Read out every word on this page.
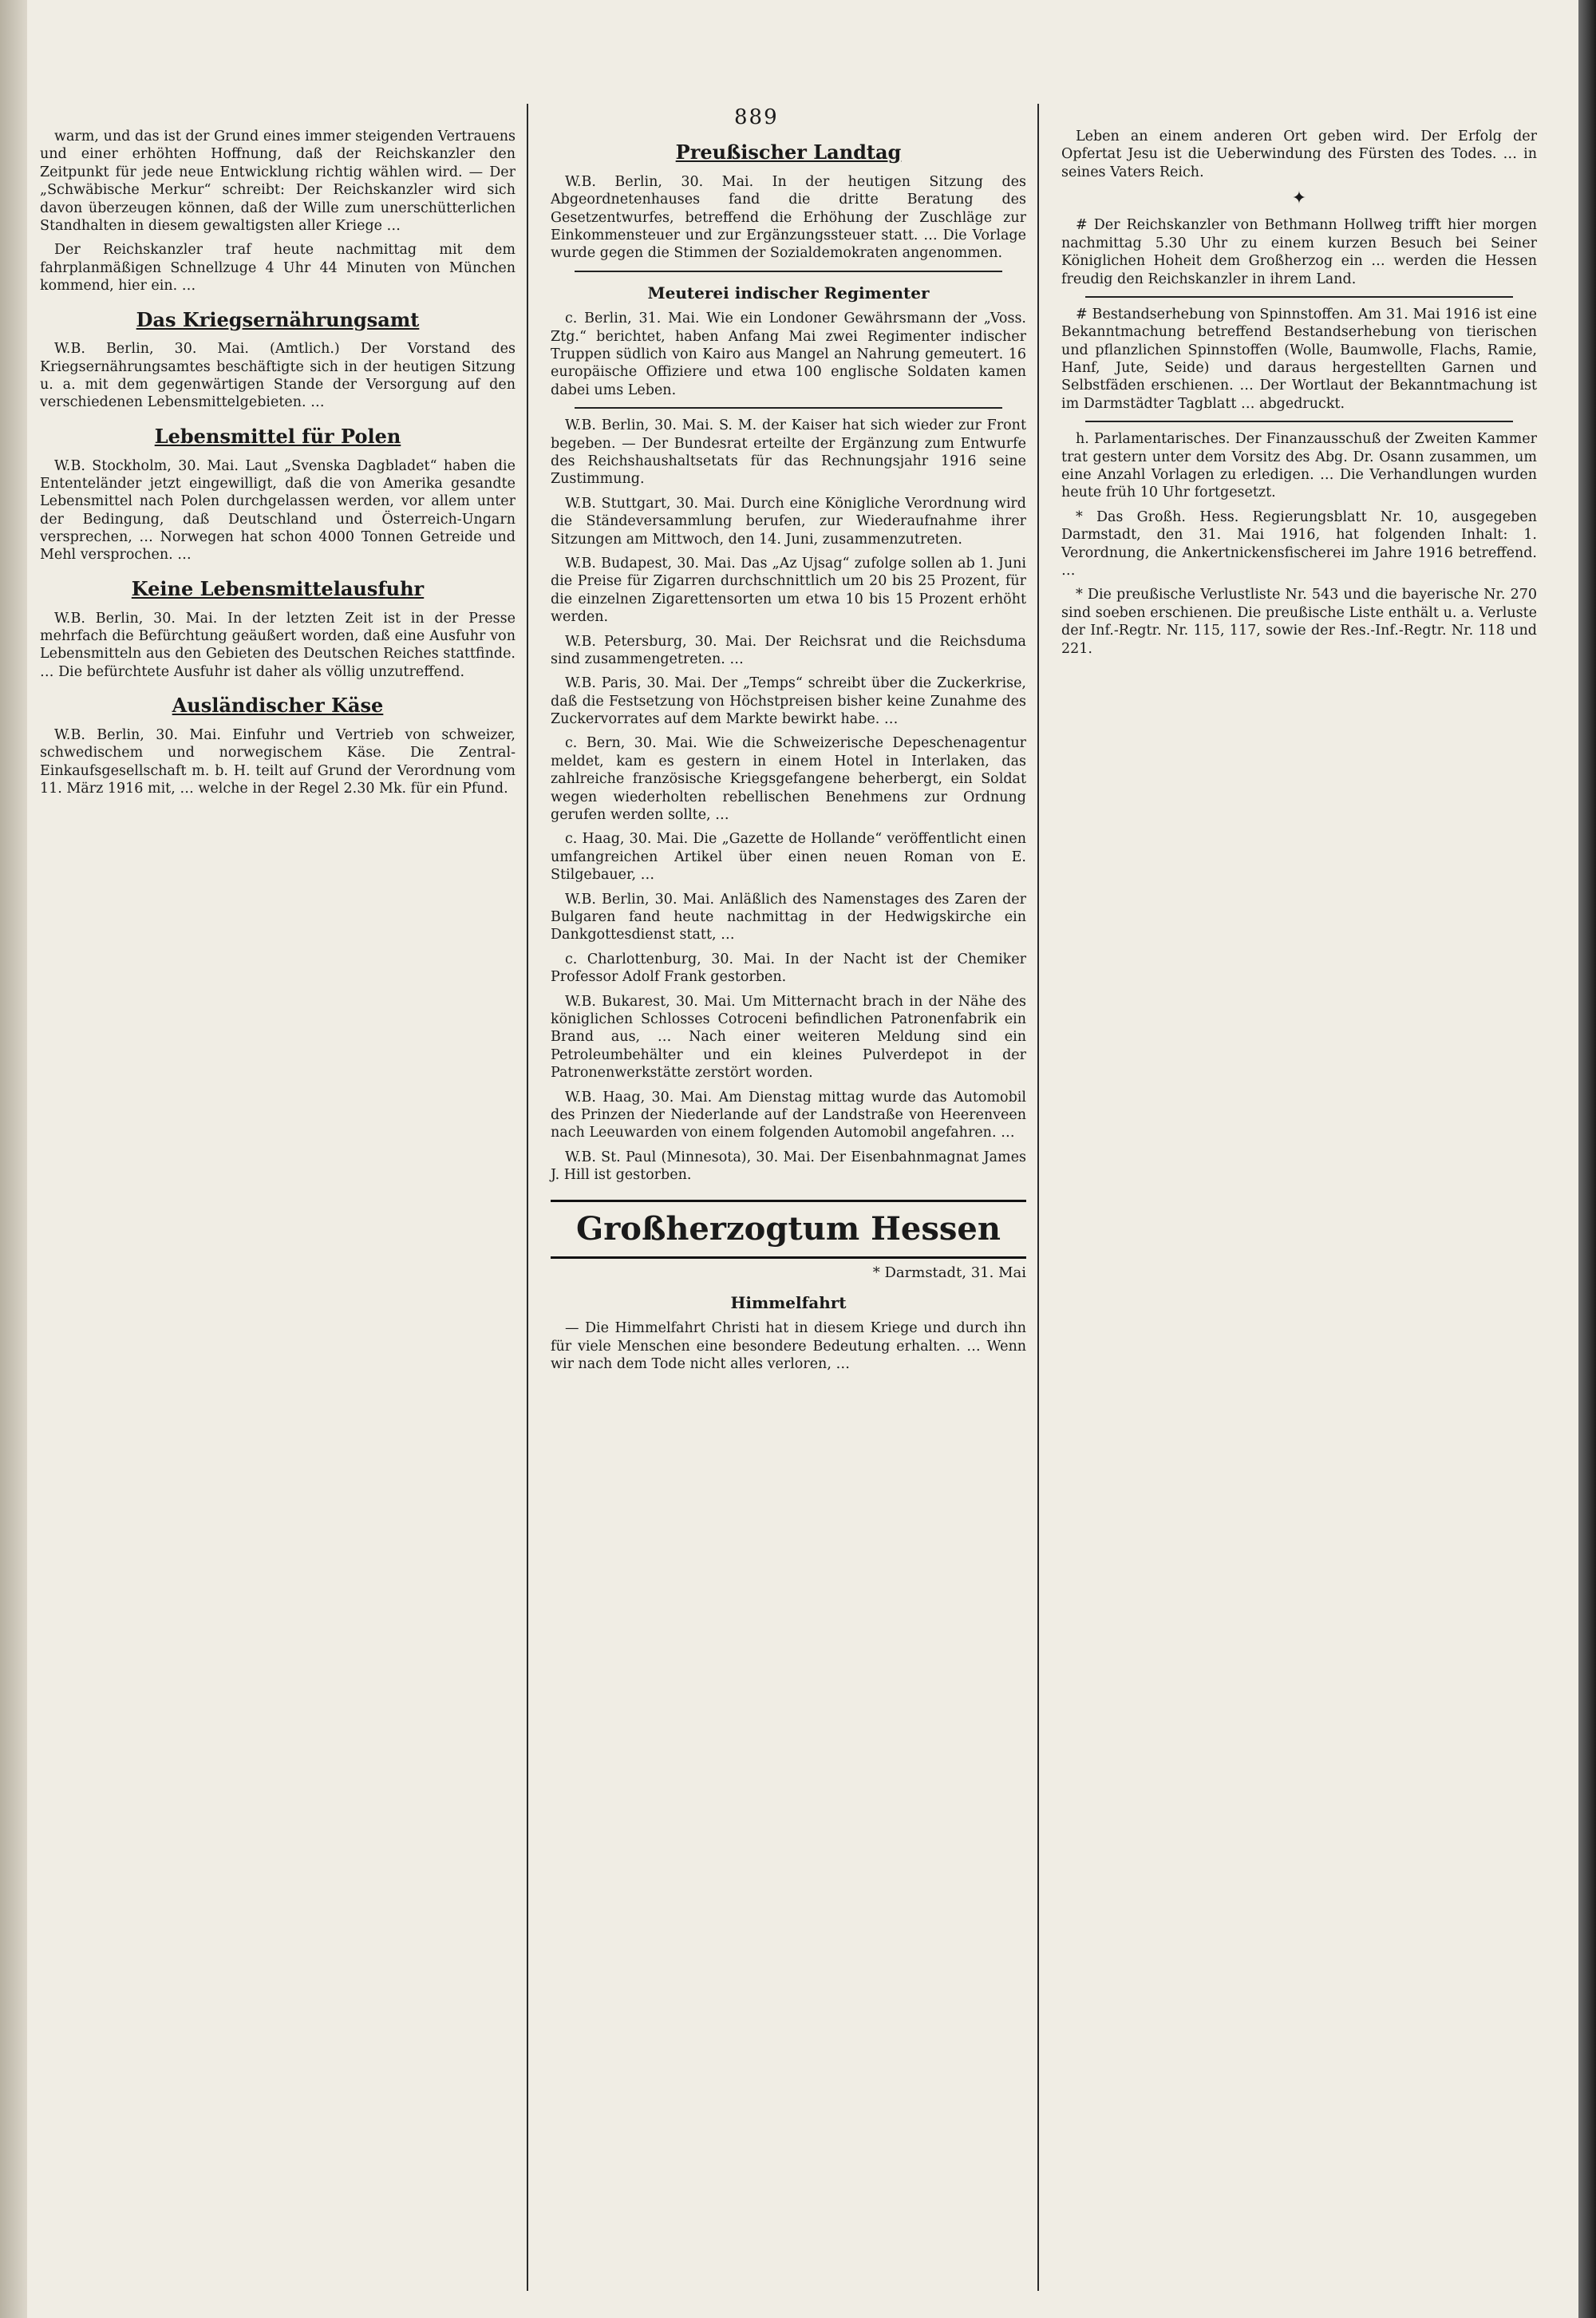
889

warm, und das ist der Grund eines immer steigenden Vertrauens und einer erhöhten Hoffnung, daß der Reichskanzler den Zeitpunkt für jede neue Entwicklung richtig wählen wird. — Der „Schwäbische Merkur“ schreibt: Der Reichskanzler wird sich davon überzeugen können, daß der Wille zum unerschütterlichen Standhalten in diesem gewaltigsten aller Kriege …

Der Reichskanzler traf heute nachmittag mit dem fahrplanmäßigen Schnellzuge 4 Uhr 44 Minuten von München kommend, hier ein. …

Das Kriegsernährungsamt

W.B. Berlin, 30. Mai. (Amtlich.) Der Vorstand des Kriegsernährungsamtes beschäftigte sich in der heutigen Sitzung u. a. mit dem gegenwärtigen Stande der Versorgung auf den verschiedenen Lebensmittelgebieten. …

Lebensmittel für Polen

W.B. Stockholm, 30. Mai. Laut „Svenska Dagbladet“ haben die Ententeländer jetzt eingewilligt, daß die von Amerika gesandte Lebensmittel nach Polen durchgelassen werden, vor allem unter der Bedingung, daß Deutschland und Österreich-Ungarn versprechen, … Norwegen hat schon 4000 Tonnen Getreide und Mehl versprochen. …

Keine Lebensmittelausfuhr

W.B. Berlin, 30. Mai. In der letzten Zeit ist in der Presse mehrfach die Befürchtung geäußert worden, daß eine Ausfuhr von Lebensmitteln aus den Gebieten des Deutschen Reiches stattfinde. … Die befürchtete Ausfuhr ist daher als völlig unzutreffend.

Ausländischer Käse

W.B. Berlin, 30. Mai. Einfuhr und Vertrieb von schweizer, schwedischem und norwegischem Käse. Die Zentral-Einkaufsgesellschaft m. b. H. teilt auf Grund der Verordnung vom 11. März 1916 mit, … welche in der Regel 2.30 Mk. für ein Pfund.

Preußischer Landtag

W.B. Berlin, 30. Mai. In der heutigen Sitzung des Abgeordnetenhauses fand die dritte Beratung des Gesetzentwurfes, betreffend die Erhöhung der Zuschläge zur Einkommensteuer und zur Ergänzungssteuer statt. … Die Vorlage wurde gegen die Stimmen der Sozialdemokraten angenommen.

Meuterei indischer Regimenter

c. Berlin, 31. Mai. Wie ein Londoner Gewährsmann der „Voss. Ztg.“ berichtet, haben Anfang Mai zwei Regimenter indischer Truppen südlich von Kairo aus Mangel an Nahrung gemeutert. 16 europäische Offiziere und etwa 100 englische Soldaten kamen dabei ums Leben.

W.B. Berlin, 30. Mai. S. M. der Kaiser hat sich wieder zur Front begeben. — Der Bundesrat erteilte der Ergänzung zum Entwurfe des Reichshaushaltsetats für das Rechnungsjahr 1916 seine Zustimmung.

W.B. Stuttgart, 30. Mai. Durch eine Königliche Verordnung wird die Ständeversammlung berufen, zur Wiederaufnahme ihrer Sitzungen am Mittwoch, den 14. Juni, zusammenzutreten.

W.B. Budapest, 30. Mai. Das „Az Ujsag“ zufolge sollen ab 1. Juni die Preise für Zigarren durchschnittlich um 20 bis 25 Prozent, für die einzelnen Zigarettensorten um etwa 10 bis 15 Prozent erhöht werden.

W.B. Petersburg, 30. Mai. Der Reichsrat und die Reichsduma sind zusammengetreten. …

W.B. Paris, 30. Mai. Der „Temps“ schreibt über die Zuckerkrise, daß die Festsetzung von Höchstpreisen bisher keine Zunahme des Zuckervorrates auf dem Markte bewirkt habe. …

c. Bern, 30. Mai. Wie die Schweizerische Depeschenagentur meldet, kam es gestern in einem Hotel in Interlaken, das zahlreiche französische Kriegsgefangene beherbergt, ein Soldat wegen wiederholten rebellischen Benehmens zur Ordnung gerufen werden sollte, …

c. Haag, 30. Mai. Die „Gazette de Hollande“ veröffentlicht einen umfangreichen Artikel über einen neuen Roman von E. Stilgebauer, …

W.B. Berlin, 30. Mai. Anläßlich des Namenstages des Zaren der Bulgaren fand heute nachmittag in der Hedwigskirche ein Dankgottesdienst statt, …

c. Charlottenburg, 30. Mai. In der Nacht ist der Chemiker Professor Adolf Frank gestorben.

W.B. Bukarest, 30. Mai. Um Mitternacht brach in der Nähe des königlichen Schlosses Cotroceni befindlichen Patronenfabrik ein Brand aus, … Nach einer weiteren Meldung sind ein Petroleumbehälter und ein kleines Pulverdepot in der Patronenwerkstätte zerstört worden.

W.B. Haag, 30. Mai. Am Dienstag mittag wurde das Automobil des Prinzen der Niederlande auf der Landstraße von Heerenveen nach Leeuwarden von einem folgenden Automobil angefahren. …

W.B. St. Paul (Minnesota), 30. Mai. Der Eisenbahnmagnat James J. Hill ist gestorben.

Großherzogtum Hessen
* Darmstadt, 31. Mai
Himmelfahrt

— Die Himmelfahrt Christi hat in diesem Kriege und durch ihn für viele Menschen eine besondere Bedeutung erhalten. … Wenn wir nach dem Tode nicht alles verloren, …

Leben an einem anderen Ort geben wird. Der Erfolg der Opfertat Jesu ist die Ueberwindung des Fürsten des Todes. … in seines Vaters Reich.

✦

# Der Reichskanzler von Bethmann Hollweg trifft hier morgen nachmittag 5.30 Uhr zu einem kurzen Besuch bei Seiner Königlichen Hoheit dem Großherzog ein … werden die Hessen freudig den Reichskanzler in ihrem Land.

# Bestandserhebung von Spinnstoffen. Am 31. Mai 1916 ist eine Bekanntmachung betreffend Bestandserhebung von tierischen und pflanzlichen Spinnstoffen (Wolle, Baumwolle, Flachs, Ramie, Hanf, Jute, Seide) und daraus hergestellten Garnen und Selbstfäden erschienen. … Der Wortlaut der Bekanntmachung ist im Darmstädter Tagblatt … abgedruckt.

h. Parlamentarisches. Der Finanzausschuß der Zweiten Kammer trat gestern unter dem Vorsitz des Abg. Dr. Osann zusammen, um eine Anzahl Vorlagen zu erledigen. … Die Verhandlungen wurden heute früh 10 Uhr fortgesetzt.

* Das Großh. Hess. Regierungsblatt Nr. 10, ausgegeben Darmstadt, den 31. Mai 1916, hat folgenden Inhalt: 1. Verordnung, die Ankertnickensfischerei im Jahre 1916 betreffend. …

* Die preußische Verlustliste Nr. 543 und die bayerische Nr. 270 sind soeben erschienen. Die preußische Liste enthält u. a. Verluste der Inf.-Regtr. Nr. 115, 117, sowie der Res.-Inf.-Regtr. Nr. 118 und 221.
